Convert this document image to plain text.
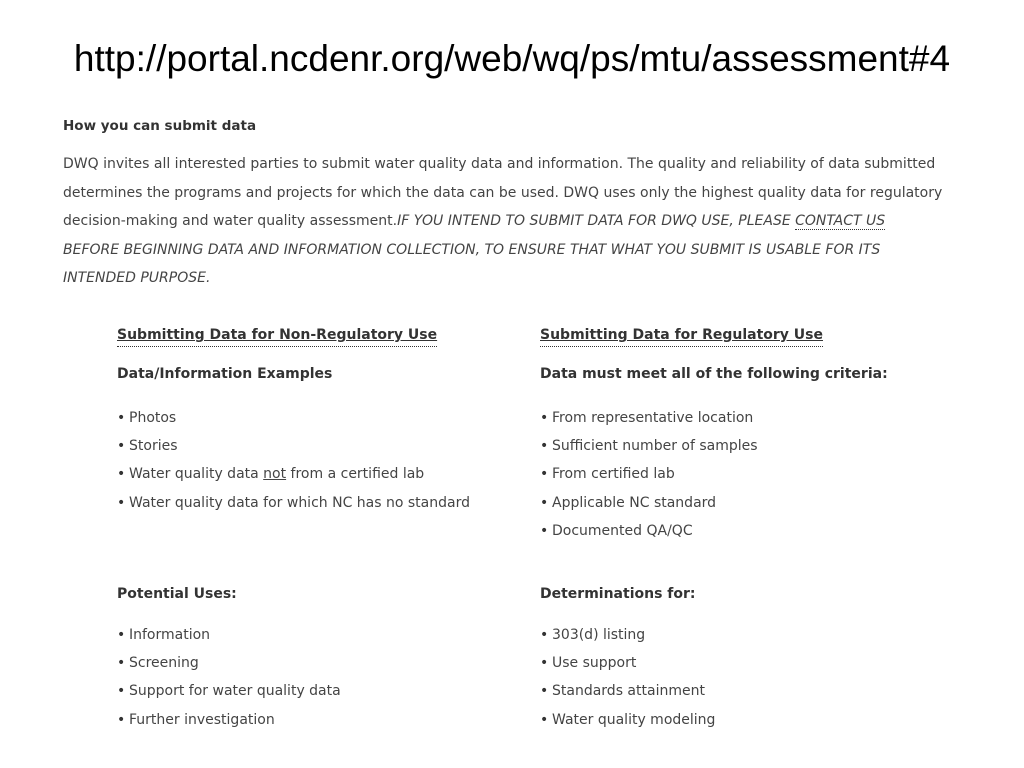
http://portal.ncdenr.org/web/wq/ps/mtu/assessment#4
How you can submit data

DWQ invites all interested parties to submit water quality data and information. The quality and reliability of data submitted determines the programs and projects for which the data can be used. DWQ uses only the highest quality data for regulatory decision-making and water quality assessment.IF YOU INTEND TO SUBMIT DATA FOR DWQ USE, PLEASE CONTACT US BEFORE BEGINNING DATA AND INFORMATION COLLECTION, TO ENSURE THAT WHAT YOU SUBMIT IS USABLE FOR ITS INTENDED PURPOSE.

Submitting Data for Non-Regulatory Use
Data/Information Examples
• Photos
• Stories
• Water quality data not from a certified lab
• Water quality data for which NC has no standard
Potential Uses:
• Information
• Screening
• Support for water quality data
• Further investigation
Submitting Data for Regulatory Use
Data must meet all of the following criteria:
• From representative location
• Sufficient number of samples
• From certified lab
• Applicable NC standard
• Documented QA/QC
Determinations for:
• 303(d) listing
• Use support
• Standards attainment
• Water quality modeling
